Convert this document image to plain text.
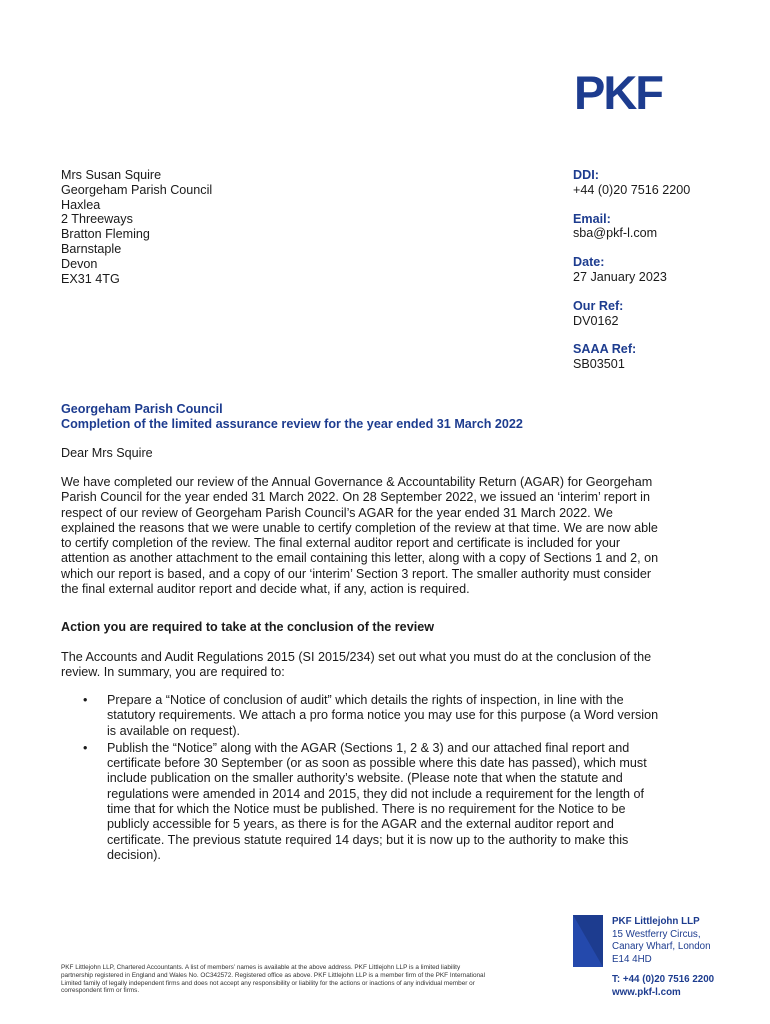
PKF
Mrs Susan Squire
Georgeham Parish Council
Haxlea
2 Threeways
Bratton Fleming
Barnstaple
Devon
EX31 4TG
DDI:
+44 (0)20 7516 2200
Email:
sba@pkf-l.com
Date:
27 January 2023
Our Ref:
DV0162
SAAA Ref:
SB03501
Georgeham Parish Council
Completion of the limited assurance review for the year ended 31 March 2022
Dear Mrs Squire
We have completed our review of the Annual Governance & Accountability Return (AGAR) for Georgeham Parish Council for the year ended 31 March 2022. On 28 September 2022, we issued an ‘interim’ report in respect of our review of Georgeham Parish Council’s AGAR for the year ended 31 March 2022. We explained the reasons that we were unable to certify completion of the review at that time. We are now able to certify completion of the review. The final external auditor report and certificate is included for your attention as another attachment to the email containing this letter, along with a copy of Sections 1 and 2, on which our report is based, and a copy of our ‘interim’ Section 3 report. The smaller authority must consider the final external auditor report and decide what, if any, action is required.
Action you are required to take at the conclusion of the review
The Accounts and Audit Regulations 2015 (SI 2015/234) set out what you must do at the conclusion of the review. In summary, you are required to:
• Prepare a “Notice of conclusion of audit” which details the rights of inspection, in line with the statutory requirements. We attach a pro forma notice you may use for this purpose (a Word version is available on request).
• Publish the “Notice” along with the AGAR (Sections 1, 2 & 3) and our attached final report and certificate before 30 September (or as soon as possible where this date has passed), which must include publication on the smaller authority’s website. (Please note that when the statute and regulations were amended in 2014 and 2015, they did not include a requirement for the length of time that for which the Notice must be published. There is no requirement for the Notice to be publicly accessible for 5 years, as there is for the AGAR and the external auditor report and certificate. The previous statute required 14 days; but it is now up to the authority to make this decision).
PKF Littlejohn LLP, Chartered Accountants. A list of members’ names is available at the above address. PKF Littlejohn LLP is a limited liability partnership registered in England and Wales No. OC342572. Registered office as above. PKF Littlejohn LLP is a member firm of the PKF International Limited family of legally independent firms and does not accept any responsibility or liability for the actions or inactions of any individual member or correspondent firm or firms.
PKF Littlejohn LLP
15 Westferry Circus,
Canary Wharf, London
E14 4HD
T: +44 (0)20 7516 2200
www.pkf-l.com
